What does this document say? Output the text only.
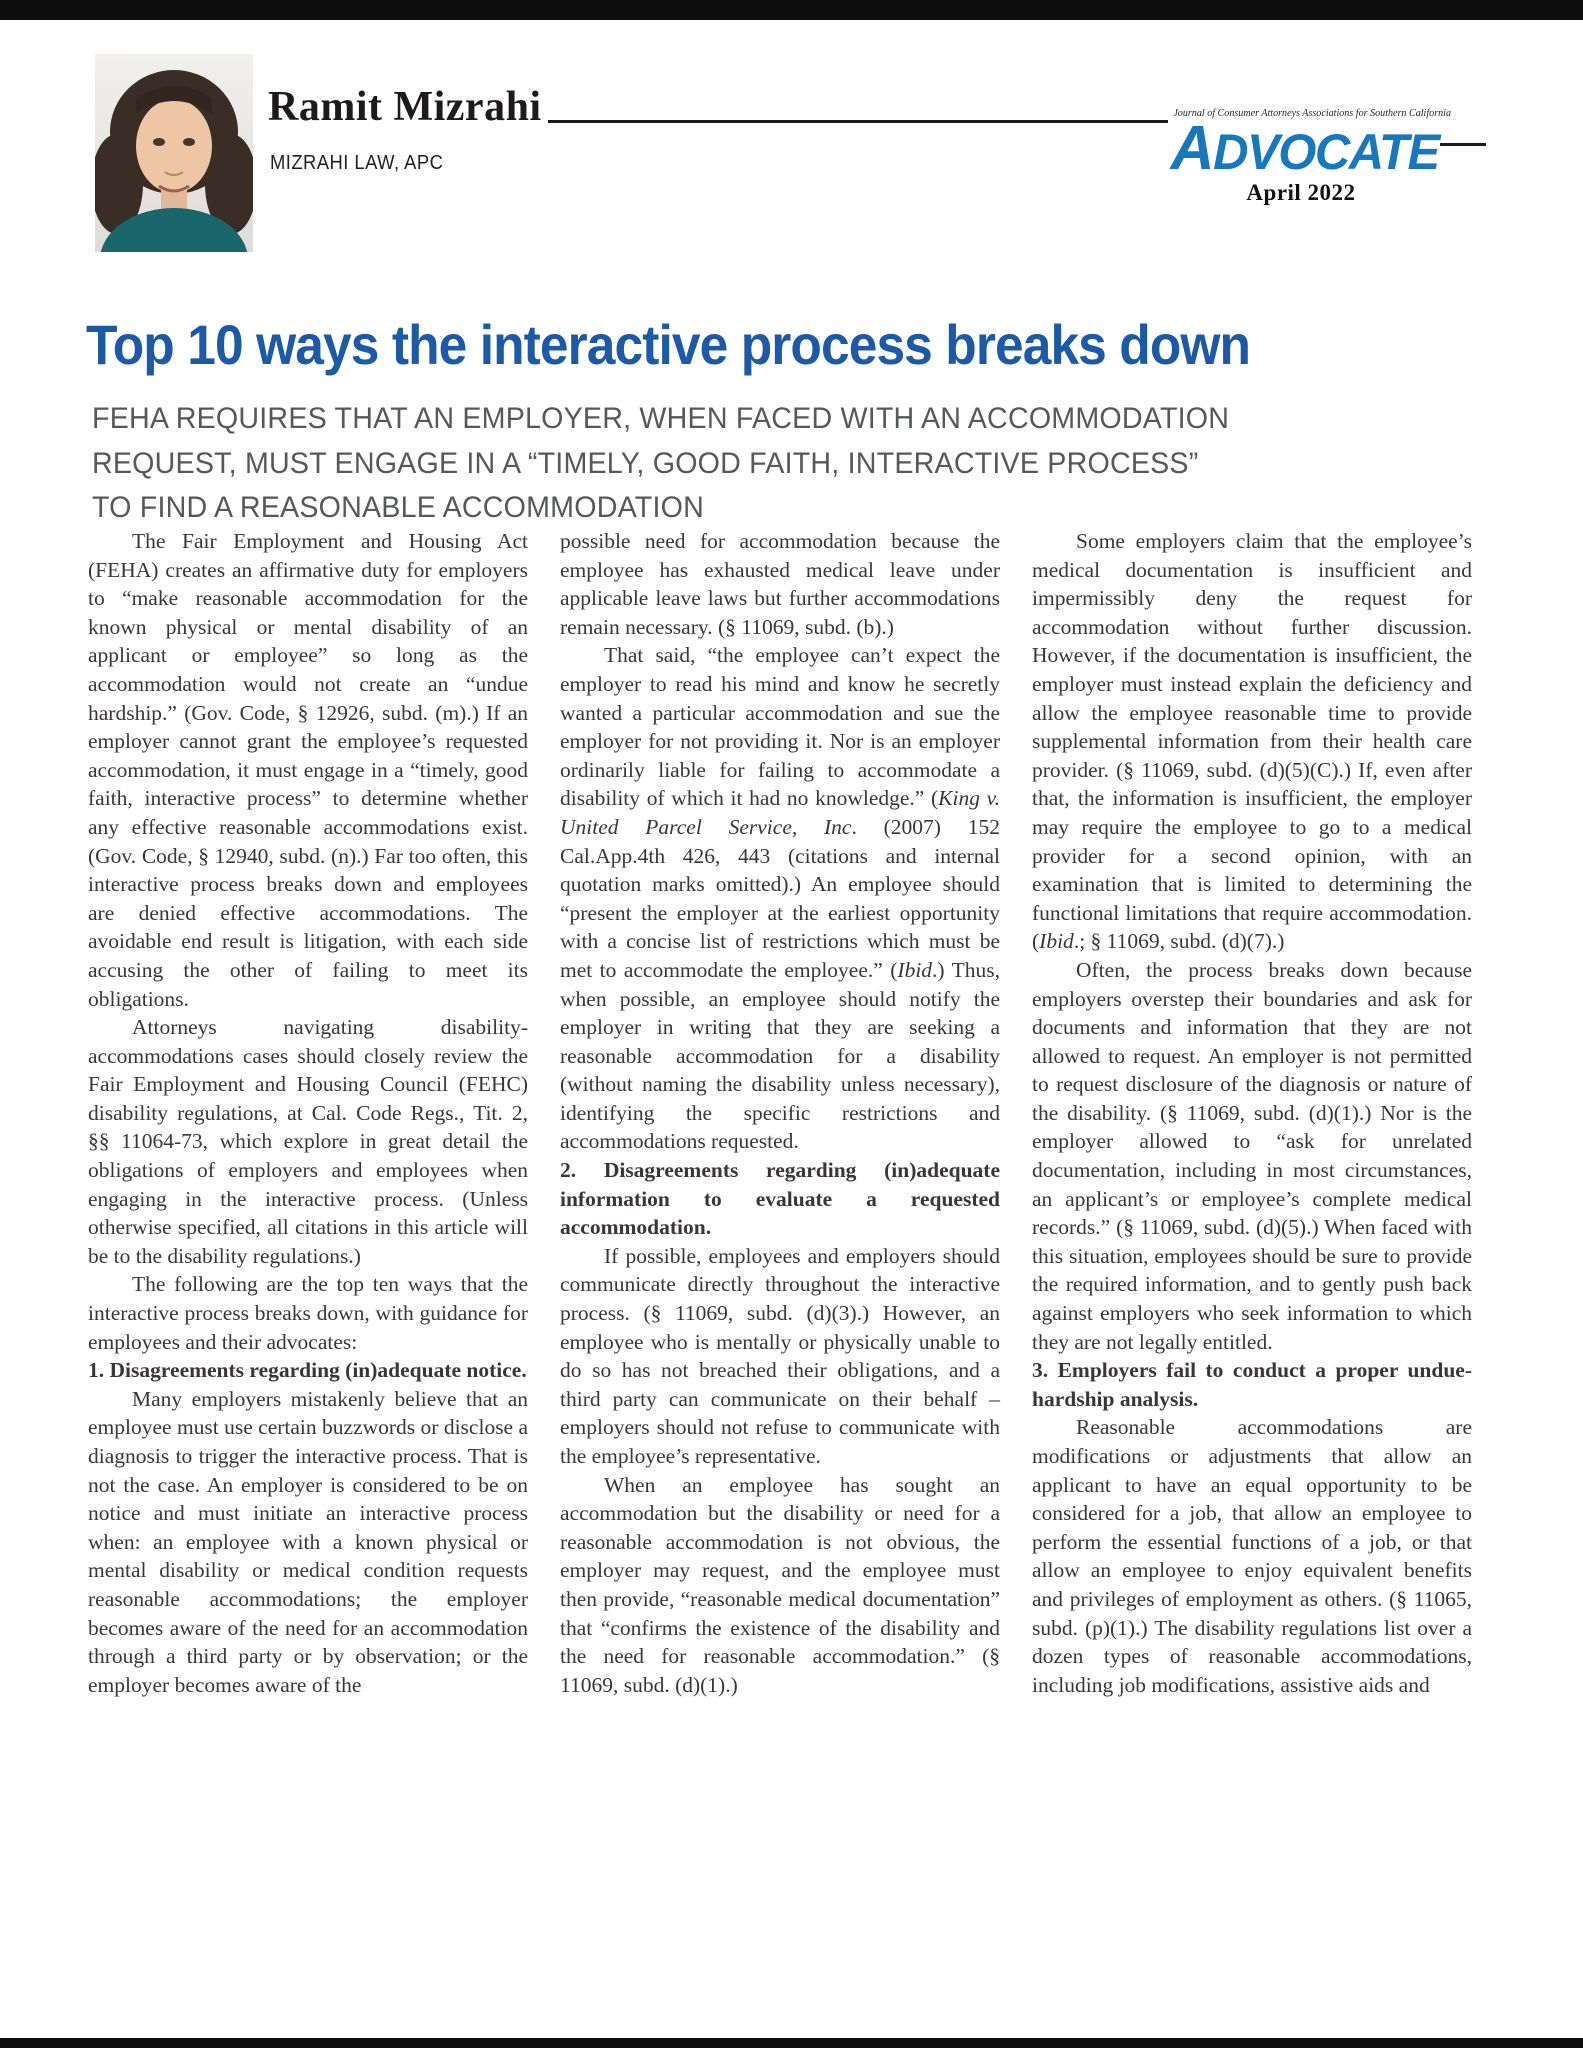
Ramit Mizrahi
MIZRAHI LAW, APC
Journal of Consumer Attorneys Associations for Southern California
ADVOCATE
April 2022
Top 10 ways the interactive process breaks down
FEHA REQUIRES THAT AN EMPLOYER, WHEN FACED WITH AN ACCOMMODATION
REQUEST, MUST ENGAGE IN A “TIMELY, GOOD FAITH, INTERACTIVE PROCESS”
TO FIND A REASONABLE ACCOMMODATION

The Fair Employment and Housing Act (FEHA) creates an affirmative duty for employers to “make reasonable accommodation for the known physical or mental disability of an applicant or employee” so long as the accommodation would not create an “undue hardship.” (Gov. Code, § 12926, subd. (m).) If an employer cannot grant the employee’s requested accommodation, it must engage in a “timely, good faith, interactive process” to determine whether any effective reasonable accommodations exist. (Gov. Code, § 12940, subd. (n).) Far too often, this interactive process breaks down and employees are denied effective accommodations. The avoidable end result is litigation, with each side accusing the other of failing to meet its obligations.

Attorneys navigating disability-accommodations cases should closely review the Fair Employment and Housing Council (FEHC) disability regulations, at Cal. Code Regs., Tit. 2, §§ 11064-73, which explore in great detail the obligations of employers and employees when engaging in the interactive process. (Unless otherwise specified, all citations in this article will be to the disability regulations.)

The following are the top ten ways that the interactive process breaks down, with guidance for employees and their advocates:

1. Disagreements regarding (in)adequate notice.

Many employers mistakenly believe that an employee must use certain buzzwords or disclose a diagnosis to trigger the interactive process. That is not the case. An employer is considered to be on notice and must initiate an interactive process when: an employee with a known physical or mental disability or medical condition requests reasonable accommodations; the employer becomes aware of the need for an accommodation through a third party or by observation; or the employer becomes aware of the

possible need for accommodation because the employee has exhausted medical leave under applicable leave laws but further accommodations remain necessary. (§ 11069, subd. (b).)

That said, “the employee can’t expect the employer to read his mind and know he secretly wanted a particular accommodation and sue the employer for not providing it. Nor is an employer ordinarily liable for failing to accommodate a disability of which it had no knowledge.” (King v. United Parcel Service, Inc. (2007) 152 Cal.App.4th 426, 443 (citations and internal quotation marks omitted).) An employee should “present the employer at the earliest opportunity with a concise list of restrictions which must be met to accommodate the employee.” (Ibid.) Thus, when possible, an employee should notify the employer in writing that they are seeking a reasonable accommodation for a disability (without naming the disability unless necessary), identifying the specific restrictions and accommodations requested.

2. Disagreements regarding (in)adequate information to evaluate a requested accommodation.

If possible, employees and employers should communicate directly throughout the interactive process. (§ 11069, subd. (d)(3).) However, an employee who is mentally or physically unable to do so has not breached their obligations, and a third party can communicate on their behalf – employers should not refuse to communicate with the employee’s representative.

When an employee has sought an accommodation but the disability or need for a reasonable accommodation is not obvious, the employer may request, and the employee must then provide, “reasonable medical documentation” that “confirms the existence of the disability and the need for reasonable accommodation.” (§ 11069, subd. (d)(1).)

Some employers claim that the employee’s medical documentation is insufficient and impermissibly deny the request for accommodation without further discussion. However, if the documentation is insufficient, the employer must instead explain the deficiency and allow the employee reasonable time to provide supplemental information from their health care provider. (§ 11069, subd. (d)(5)(C).) If, even after that, the information is insufficient, the employer may require the employee to go to a medical provider for a second opinion, with an examination that is limited to determining the functional limitations that require accommodation. (Ibid.; § 11069, subd. (d)(7).)

Often, the process breaks down because employers overstep their boundaries and ask for documents and information that they are not allowed to request. An employer is not permitted to request disclosure of the diagnosis or nature of the disability. (§ 11069, subd. (d)(1).) Nor is the employer allowed to “ask for unrelated documentation, including in most circumstances, an applicant’s or employee’s complete medical records.” (§ 11069, subd. (d)(5).) When faced with this situation, employees should be sure to provide the required information, and to gently push back against employers who seek information to which they are not legally entitled.

3. Employers fail to conduct a proper undue-hardship analysis.

Reasonable accommodations are modifications or adjustments that allow an applicant to have an equal opportunity to be considered for a job, that allow an employee to perform the essential functions of a job, or that allow an employee to enjoy equivalent benefits and privileges of employment as others. (§ 11065, subd. (p)(1).) The disability regulations list over a dozen types of reasonable accommodations, including job modifications, assistive aids and
